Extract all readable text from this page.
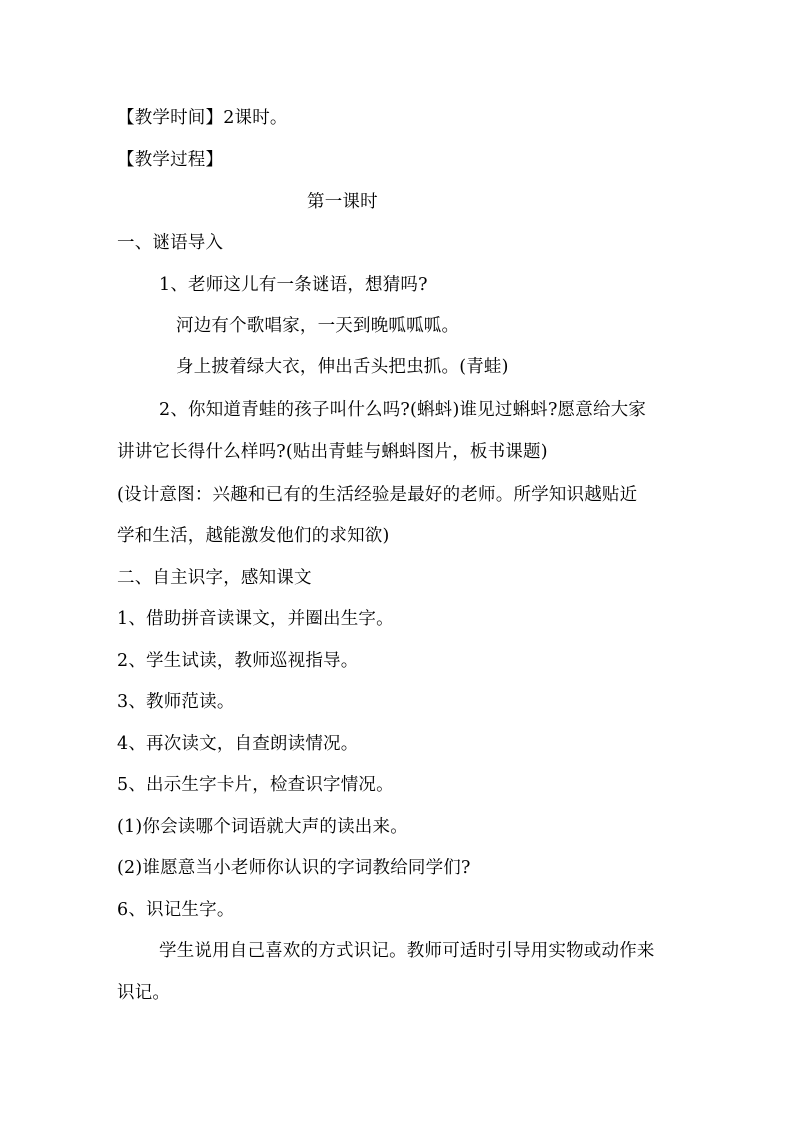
【教学时间】2课时。
【教学过程】
第一课时
一、谜语导入
1、老师这儿有一条谜语，想猜吗?
河边有个歌唱家，一天到晚呱呱呱。
身上披着绿大衣，伸出舌头把虫抓。(青蛙)
2、你知道青蛙的孩子叫什么吗?(蝌蚪)谁见过蝌蚪?愿意给大家
讲讲它长得什么样吗?(贴出青蛙与蝌蚪图片，板书课题)
(设计意图：兴趣和已有的生活经验是最好的老师。所学知识越贴近
学和生活，越能激发他们的求知欲)
二、自主识字，感知课文
1、借助拼音读课文，并圈出生字。
2、学生试读，教师巡视指导。
3、教师范读。
4、再次读文，自查朗读情况。
5、出示生字卡片，检查识字情况。
(1)你会读哪个词语就大声的读出来。
(2)谁愿意当小老师你认识的字词教给同学们?
6、识记生字。
学生说用自己喜欢的方式识记。教师可适时引导用实物或动作来
识记。
